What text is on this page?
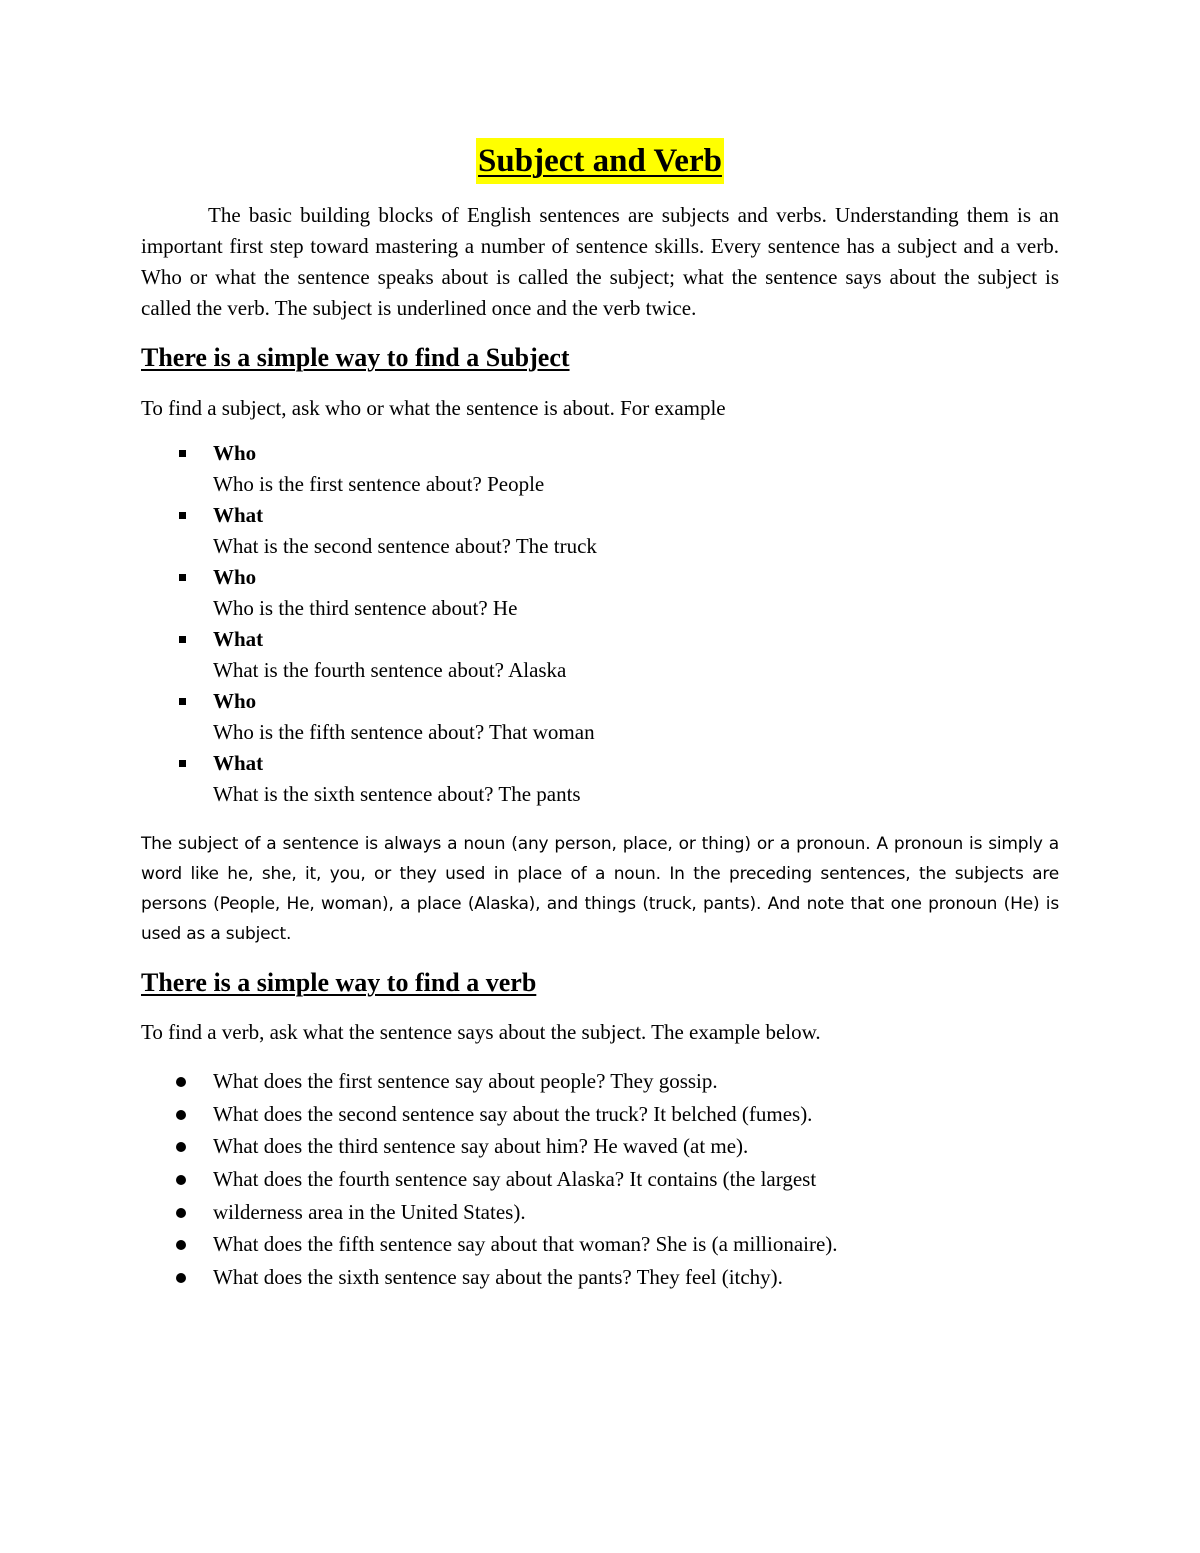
Subject and Verb

The basic building blocks of English sentences are subjects and verbs. Understanding them is an important first step toward mastering a number of sentence skills. Every sentence has a subject and a verb. Who or what the sentence speaks about is called the subject; what the sentence says about the subject is called the verb. The subject is underlined once and the verb twice.

There is a simple way to find a Subject

To find a subject, ask who or what the sentence is about. For example

Who
Who is the first sentence about? People
What
What is the second sentence about? The truck
Who
Who is the third sentence about? He
What
What is the fourth sentence about? Alaska
Who
Who is the fifth sentence about? That woman
What
What is the sixth sentence about? The pants

The subject of a sentence is always a noun (any person, place, or thing) or a pronoun. A pronoun is simply a word like he, she, it, you, or they used in place of a noun. In the preceding sentences, the subjects are persons (People, He, woman), a place (Alaska), and things (truck, pants). And note that one pronoun (He) is used as a subject.

There is a simple way to find a verb

To find a verb, ask what the sentence says about the subject. The example below.

What does the first sentence say about people? They gossip.
What does the second sentence say about the truck? It belched (fumes).
What does the third sentence say about him? He waved (at me).
What does the fourth sentence say about Alaska? It contains (the largest
wilderness area in the United States).
What does the fifth sentence say about that woman? She is (a millionaire).
What does the sixth sentence say about the pants? They feel (itchy).
